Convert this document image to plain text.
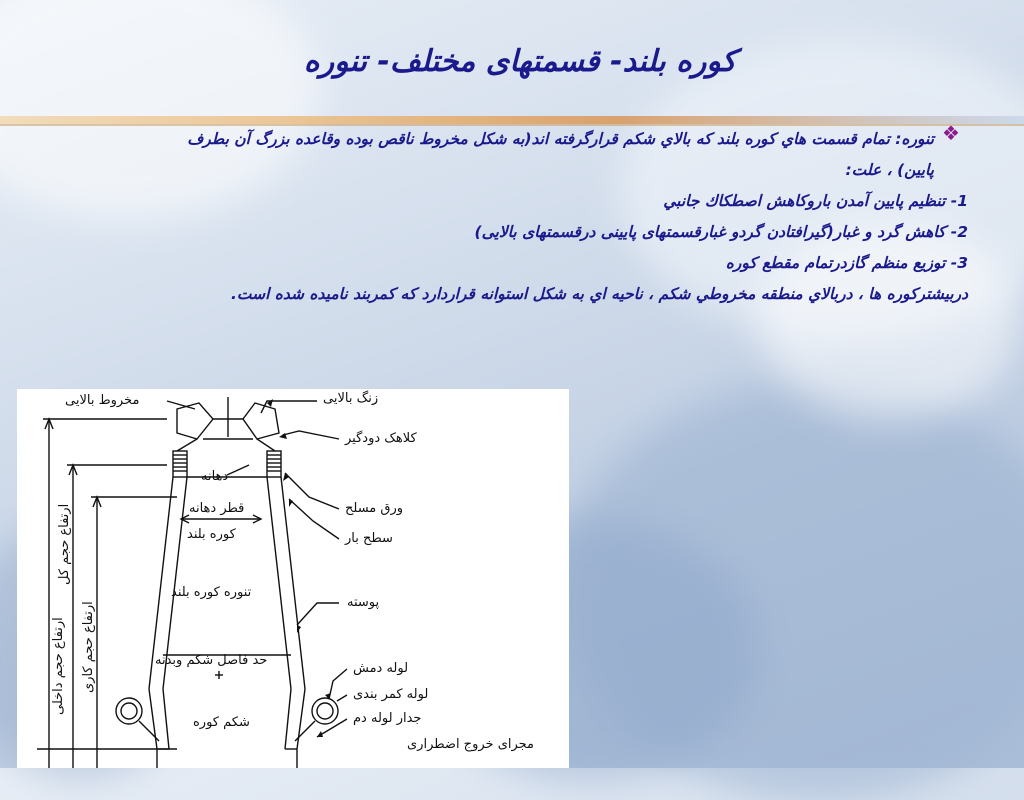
کوره بلند- قسمتهای مختلف- تنوره
❖
تنوره: تمام قسمت هاي کوره بلند که بالاي شکم قرارگرفته اند(به شکل مخروط ناقص بوده وقاعده بزرگ آن بطرف
پایین) ، علت:
1- تنظیم پایین آمدن باروکاهش اصطکاك جانبي
2- کاهش گرد و غبار(گیرافتادن گردو غبارقسمتهای پایینی درقسمتهای بالایی)
3- توزیع منظم گازدرتمام مقطع کوره
دربیشترکوره ها ، دربالاي منطقه مخروطي شکم ، ناحیه اي به شکل استوانه قراردارد که کمربند نامیده شده است.
مخروط بالایی
دهانه
قطر دهانه
کوره بلند
تنوره کوره بلند
حد فاصل شکم وبدنه
شکم کوره
زنگ بالایی
کلاهک دودگیر
ورق مسلح
سطح بار
پوسته
لوله دمش
لوله کمر بندی
جدار لوله دم
مجرای خروج اضطراری
ارتفاع حجم داخلی
ارتفاع حجم کل
ارتفاع حجم کاری
